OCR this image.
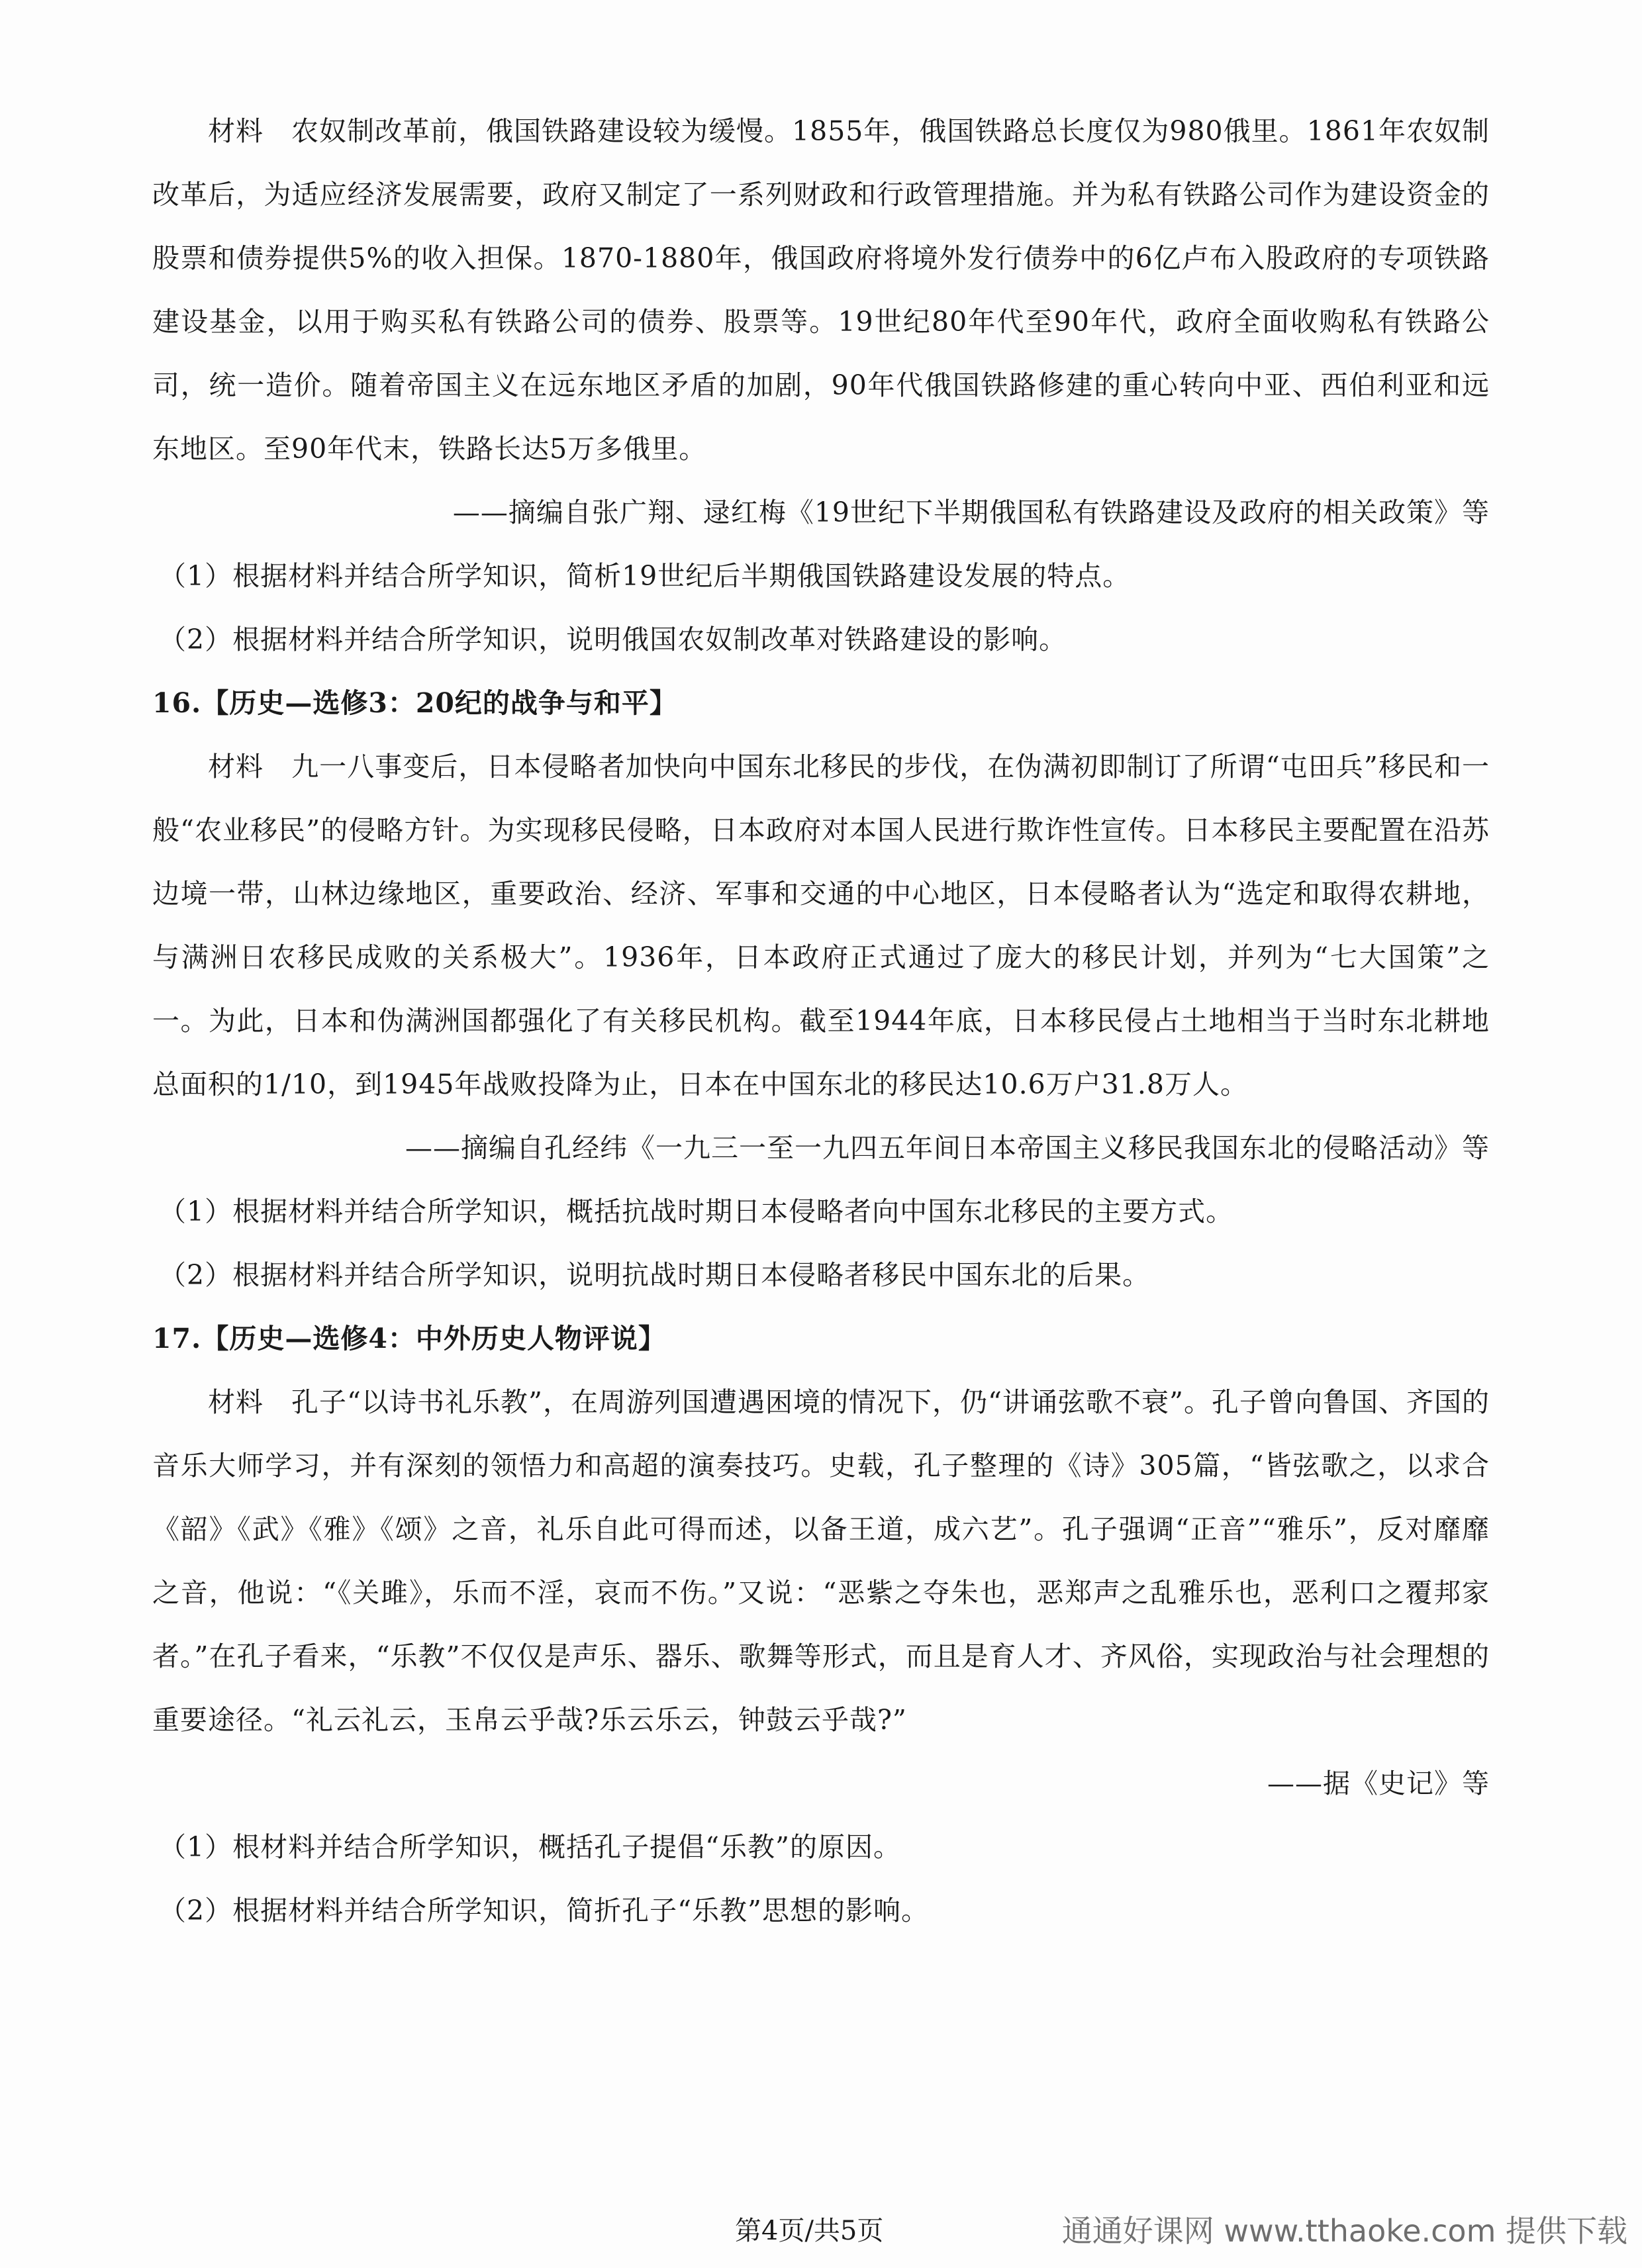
材料　农奴制改革前，俄国铁路建设较为缓慢。1855年，俄国铁路总长度仅为980俄里。1861年农奴制改革后，为适应经济发展需要，政府又制定了一系列财政和行政管理措施。并为私有铁路公司作为建设资金的股票和债券提供5%的收入担保。1870-1880年，俄国政府将境外发行债券中的6亿卢布入股政府的专项铁路建设基金，以用于购买私有铁路公司的债券、股票等。19世纪80年代至90年代，政府全面收购私有铁路公司，统一造价。随着帝国主义在远东地区矛盾的加剧，90年代俄国铁路修建的重心转向中亚、西伯利亚和远东地区。至90年代末，铁路长达5万多俄里。

——摘编自张广翔、逯红梅《19世纪下半期俄国私有铁路建设及政府的相关政策》等

（1）根据材料并结合所学知识，简析19世纪后半期俄国铁路建设发展的特点。

（2）根据材料并结合所学知识，说明俄国农奴制改革对铁路建设的影响。

16.【历史—选修3：20纪的战争与和平】

材料　九一八事变后，日本侵略者加快向中国东北移民的步伐，在伪满初即制订了所谓“屯田兵”移民和一般“农业移民”的侵略方针。为实现移民侵略，日本政府对本国人民进行欺诈性宣传。日本移民主要配置在沿苏边境一带，山林边缘地区，重要政治、经济、军事和交通的中心地区，日本侵略者认为“选定和取得农耕地，与满洲日农移民成败的关系极大”。1936年，日本政府正式通过了庞大的移民计划，并列为“七大国策”之一。为此，日本和伪满洲国都强化了有关移民机构。截至1944年底，日本移民侵占土地相当于当时东北耕地总面积的1/10，到1945年战败投降为止，日本在中国东北的移民达10.6万户31.8万人。

——摘编自孔经纬《一九三一至一九四五年间日本帝国主义移民我国东北的侵略活动》等

（1）根据材料并结合所学知识，概括抗战时期日本侵略者向中国东北移民的主要方式。

（2）根据材料并结合所学知识，说明抗战时期日本侵略者移民中国东北的后果。

17.【历史—选修4：中外历史人物评说】

材料　孔子“以诗书礼乐教”，在周游列国遭遇困境的情况下，仍“讲诵弦歌不衰”。孔子曾向鲁国、齐国的音乐大师学习，并有深刻的领悟力和高超的演奏技巧。史载，孔子整理的《诗》305篇，“皆弦歌之，以求合《韶》《武》《雅》《颂》之音，礼乐自此可得而述，以备王道，成六艺”。孔子强调“正音”“雅乐”，反对靡靡之音，他说：“《关雎》，乐而不淫，哀而不伤。”又说：“恶紫之夺朱也，恶郑声之乱雅乐也，恶利口之覆邦家者。”在孔子看来，“乐教”不仅仅是声乐、器乐、歌舞等形式，而且是育人才、齐风俗，实现政治与社会理想的重要途径。“礼云礼云，玉帛云乎哉?乐云乐云，钟鼓云乎哉?”

——据《史记》等

（1）根材料并结合所学知识，概括孔子提倡“乐教”的原因。

（2）根据材料并结合所学知识，简折孔子“乐教”思想的影响。

第4页/共5页	通通好课网 www.tthaoke.com 提供下载
